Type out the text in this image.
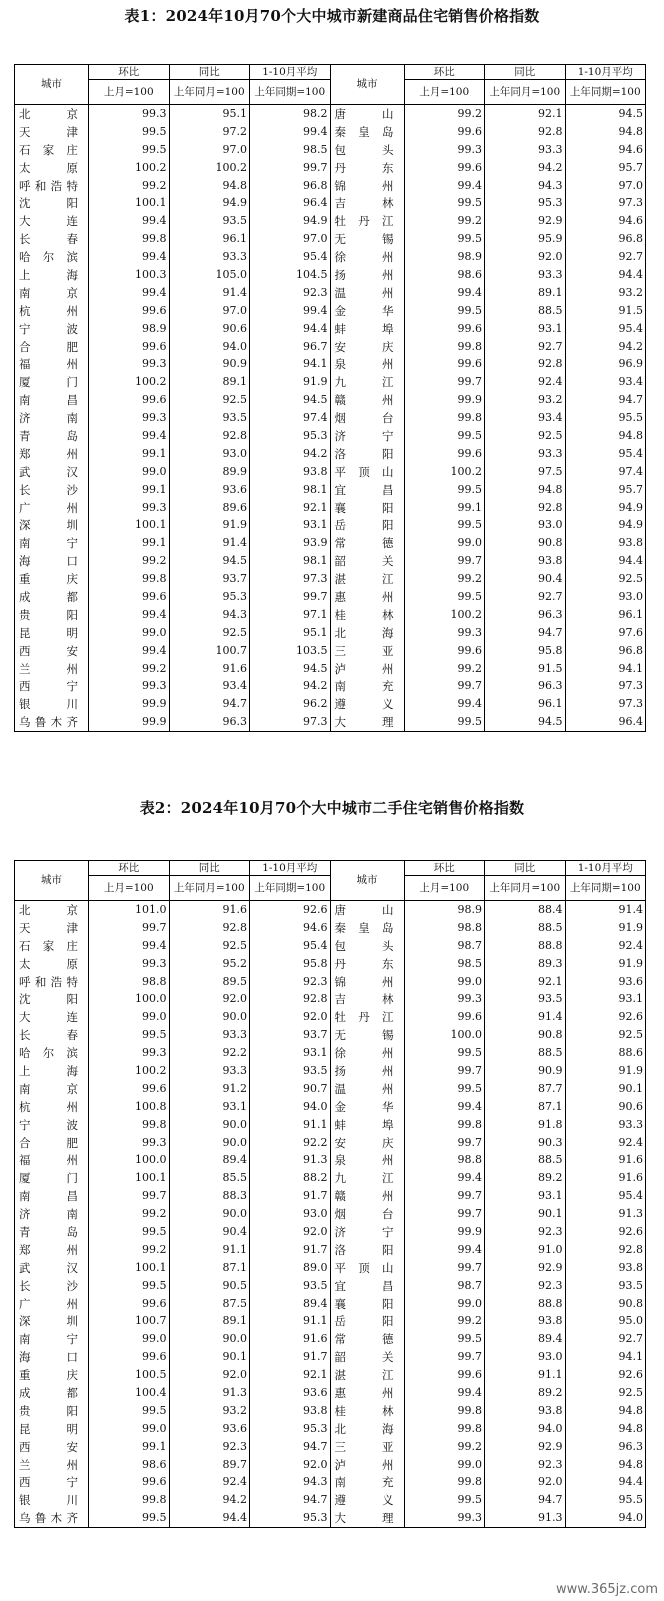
表1：2024年10月70个大中城市新建商品住宅销售价格指数
城市	环比	同比	1-10月平均	城市	环比	同比	1-10月平均
	上月=100	上年同月=100	上年同期=100		上月=100	上年同月=100	上年同期=100
北京	99.3	95.1	98.2	唐山	99.2	92.1	94.5
天津	99.5	97.2	99.4	秦皇岛	99.6	92.8	94.8
石家庄	99.5	97.0	98.5	包头	99.3	93.3	94.6
太原	100.2	100.2	99.7	丹东	99.6	94.2	95.7
呼和浩特	99.2	94.8	96.8	锦州	99.4	94.3	97.0
沈阳	100.1	94.9	96.4	吉林	99.5	95.3	97.3
大连	99.4	93.5	94.9	牡丹江	99.2	92.9	94.6
长春	99.8	96.1	97.0	无锡	99.5	95.9	96.8
哈尔滨	99.4	93.3	95.4	徐州	98.9	92.0	92.7
上海	100.3	105.0	104.5	扬州	98.6	93.3	94.4
南京	99.4	91.4	92.3	温州	99.4	89.1	93.2
杭州	99.6	97.0	99.4	金华	99.5	88.5	91.5
宁波	98.9	90.6	94.4	蚌埠	99.6	93.1	95.4
合肥	99.6	94.0	96.7	安庆	99.8	92.7	94.2
福州	99.3	90.9	94.1	泉州	99.6	92.8	96.9
厦门	100.2	89.1	91.9	九江	99.7	92.4	93.4
南昌	99.6	92.5	94.5	赣州	99.9	93.2	94.7
济南	99.3	93.5	97.4	烟台	99.8	93.4	95.5
青岛	99.4	92.8	95.3	济宁	99.5	92.5	94.8
郑州	99.1	93.0	94.2	洛阳	99.6	93.3	95.4
武汉	99.0	89.9	93.8	平顶山	100.2	97.5	97.4
长沙	99.1	93.6	98.1	宜昌	99.5	94.8	95.7
广州	99.3	89.6	92.1	襄阳	99.1	92.8	94.9
深圳	100.1	91.9	93.1	岳阳	99.5	93.0	94.9
南宁	99.1	91.4	93.9	常德	99.0	90.8	93.8
海口	99.2	94.5	98.1	韶关	99.7	93.8	94.4
重庆	99.8	93.7	97.3	湛江	99.2	90.4	92.5
成都	99.6	95.3	99.7	惠州	99.5	92.7	93.0
贵阳	99.4	94.3	97.1	桂林	100.2	96.3	96.1
昆明	99.0	92.5	95.1	北海	99.3	94.7	97.6
西安	99.4	100.7	103.5	三亚	99.6	95.8	96.8
兰州	99.2	91.6	94.5	泸州	99.2	91.5	94.1
西宁	99.3	93.4	94.2	南充	99.7	96.3	97.3
银川	99.9	94.7	96.2	遵义	99.4	96.1	97.3
乌鲁木齐	99.9	96.3	97.3	大理	99.5	94.5	96.4
表2：2024年10月70个大中城市二手住宅销售价格指数
城市	环比	同比	1-10月平均	城市	环比	同比	1-10月平均
	上月=100	上年同月=100	上年同期=100		上月=100	上年同月=100	上年同期=100
北京	101.0	91.6	92.6	唐山	98.9	88.4	91.4
天津	99.7	92.8	94.6	秦皇岛	98.8	88.5	91.9
石家庄	99.4	92.5	95.4	包头	98.7	88.8	92.4
太原	99.3	95.2	95.8	丹东	98.5	89.3	91.9
呼和浩特	98.8	89.5	92.3	锦州	99.0	92.1	93.6
沈阳	100.0	92.0	92.8	吉林	99.3	93.5	93.1
大连	99.0	90.0	92.0	牡丹江	99.6	91.4	92.6
长春	99.5	93.3	93.7	无锡	100.0	90.8	92.5
哈尔滨	99.3	92.2	93.1	徐州	99.5	88.5	88.6
上海	100.2	93.3	93.5	扬州	99.7	90.9	91.9
南京	99.6	91.2	90.7	温州	99.5	87.7	90.1
杭州	100.8	93.1	94.0	金华	99.4	87.1	90.6
宁波	99.8	90.0	91.1	蚌埠	99.8	91.8	93.3
合肥	99.3	90.0	92.2	安庆	99.7	90.3	92.4
福州	100.0	89.4	91.3	泉州	98.8	88.5	91.6
厦门	100.1	85.5	88.2	九江	99.4	89.2	91.6
南昌	99.7	88.3	91.7	赣州	99.7	93.1	95.4
济南	99.2	90.0	93.0	烟台	99.7	90.1	91.3
青岛	99.5	90.4	92.0	济宁	99.9	92.3	92.6
郑州	99.2	91.1	91.7	洛阳	99.4	91.0	92.8
武汉	100.1	87.1	89.0	平顶山	99.7	92.9	93.8
长沙	99.5	90.5	93.5	宜昌	98.7	92.3	93.5
广州	99.6	87.5	89.4	襄阳	99.0	88.8	90.8
深圳	100.7	89.1	91.1	岳阳	99.2	93.8	95.0
南宁	99.0	90.0	91.6	常德	99.5	89.4	92.7
海口	99.6	90.1	91.7	韶关	99.7	93.0	94.1
重庆	100.5	92.0	92.1	湛江	99.6	91.1	92.6
成都	100.4	91.3	93.6	惠州	99.4	89.2	92.5
贵阳	99.5	93.2	93.8	桂林	99.8	93.8	94.8
昆明	99.0	93.6	95.3	北海	99.8	94.0	94.8
西安	99.1	92.3	94.7	三亚	99.2	92.9	96.3
兰州	98.6	89.7	92.0	泸州	99.0	92.3	94.8
西宁	99.6	92.4	94.3	南充	99.8	92.0	94.4
银川	99.8	94.2	94.7	遵义	99.5	94.7	95.5
乌鲁木齐	99.5	94.4	95.3	大理	99.3	91.3	94.0
www.365jz.com
